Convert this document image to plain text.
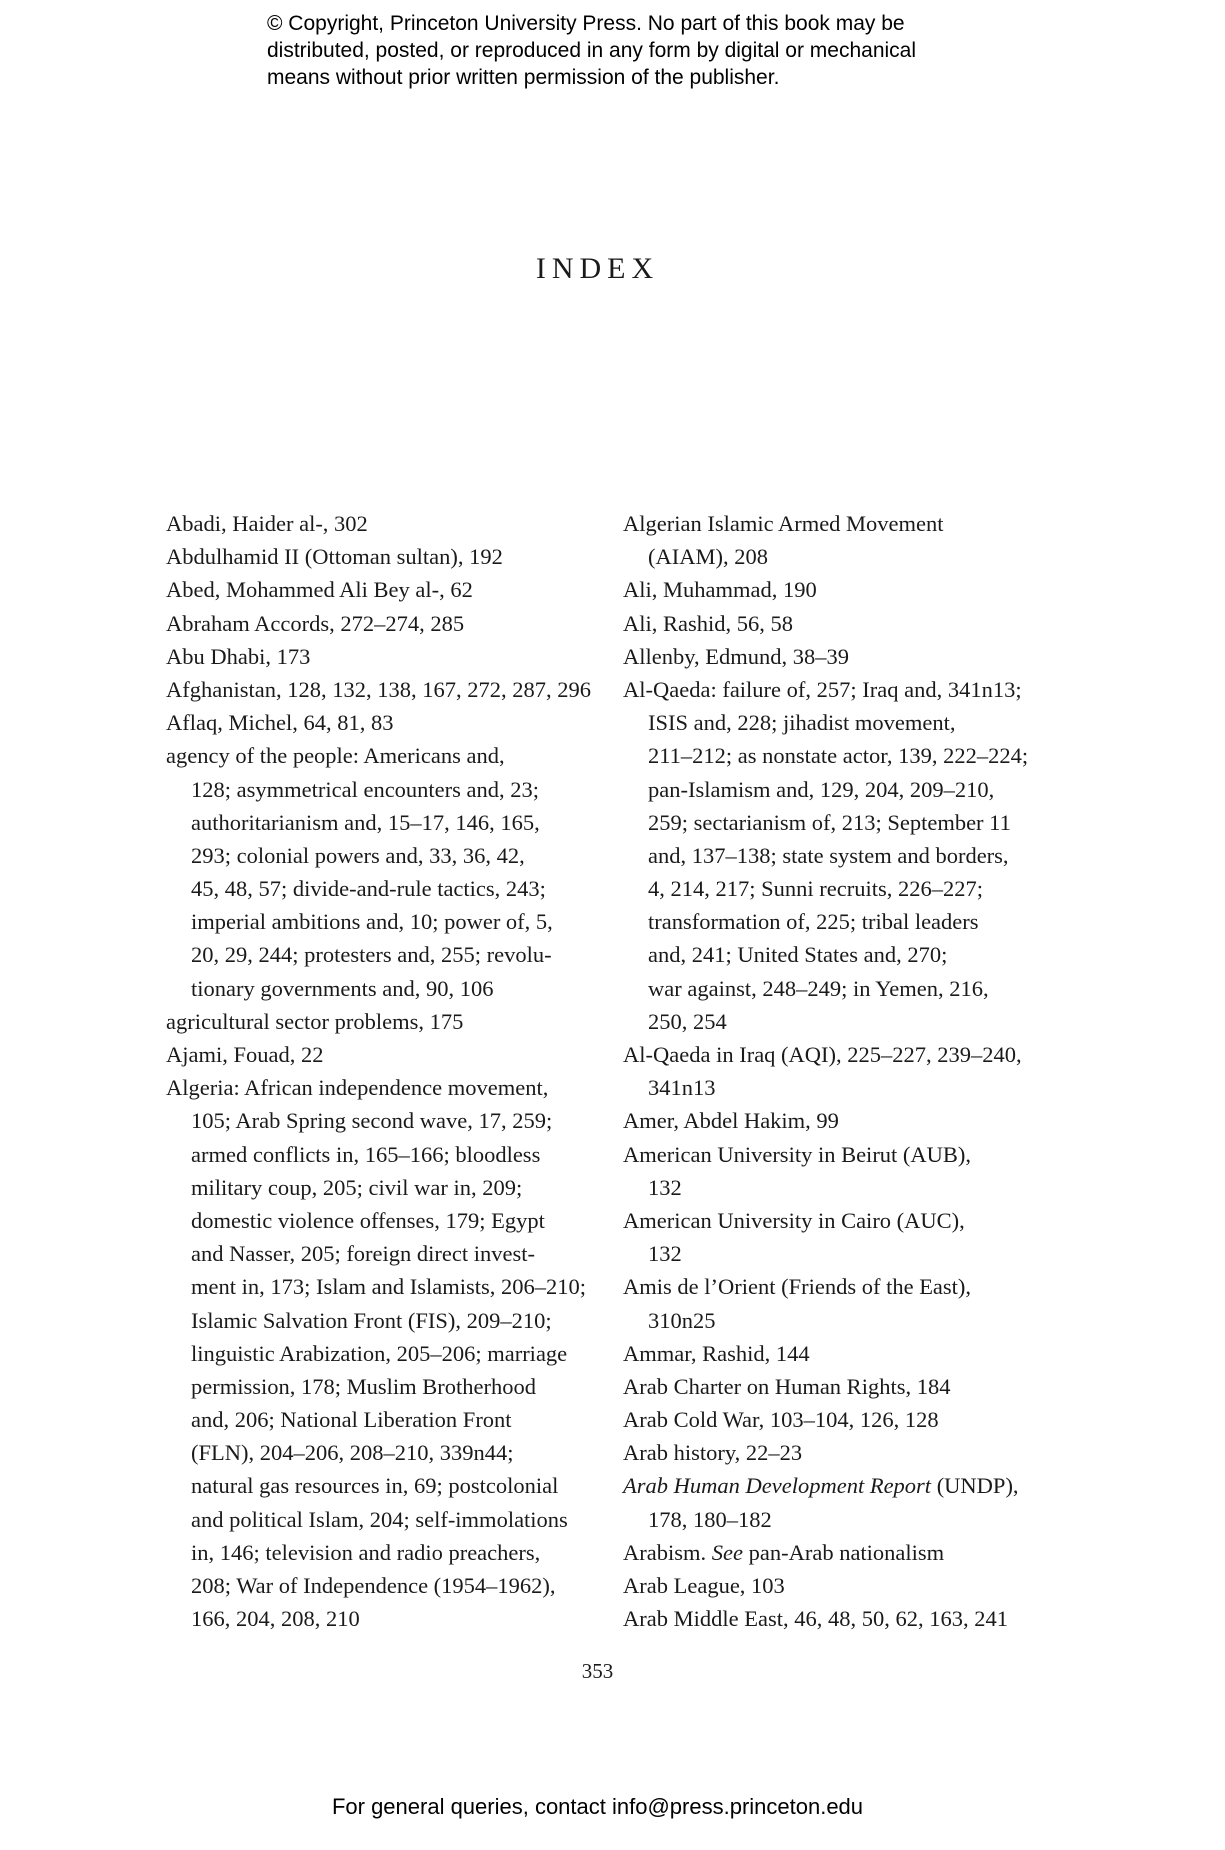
© Copyright, Princeton University Press. No part of this book may be
distributed, posted, or reproduced in any form by digital or mechanical
means without prior written permission of the publisher.
INDEX
Abadi, Haider al-, 302
Abdulhamid II (Ottoman sultan), 192
Abed, Mohammed Ali Bey al-, 62
Abraham Accords, 272–274, 285
Abu Dhabi, 173
Afghanistan, 128, 132, 138, 167, 272, 287, 296
Aflaq, Michel, 64, 81, 83
agency of the people: Americans and,
128; asymmetrical encounters and, 23;
authoritarianism and, 15–17, 146, 165,
293; colonial powers and, 33, 36, 42,
45, 48, 57; divide-and-rule tactics, 243;
imperial ambitions and, 10; power of, 5,
20, 29, 244; protesters and, 255; revolu-
tionary governments and, 90, 106
agricultural sector problems, 175
Ajami, Fouad, 22
Algeria: African independence movement,
105; Arab Spring second wave, 17, 259;
armed conflicts in, 165–166; bloodless
military coup, 205; civil war in, 209;
domestic violence offenses, 179; Egypt
and Nasser, 205; foreign direct invest-
ment in, 173; Islam and Islamists, 206–210;
Islamic Salvation Front (FIS), 209–210;
linguistic Arabization, 205–206; marriage
permission, 178; Muslim Brotherhood
and, 206; National Liberation Front
(FLN), 204–206, 208–210, 339n44;
natural gas resources in, 69; postcolonial
and political Islam, 204; self-immolations
in, 146; television and radio preachers,
208; War of Independence (1954–1962),
166, 204, 208, 210
Algerian Islamic Armed Movement
(AIAM), 208
Ali, Muhammad, 190
Ali, Rashid, 56, 58
Allenby, Edmund, 38–39
Al-Qaeda: failure of, 257; Iraq and, 341n13;
ISIS and, 228; jihadist movement,
211–212; as nonstate actor, 139, 222–224;
pan-Islamism and, 129, 204, 209–210,
259; sectarianism of, 213; September 11
and, 137–138; state system and borders,
4, 214, 217; Sunni recruits, 226–227;
transformation of, 225; tribal leaders
and, 241; United States and, 270;
war against, 248–249; in Yemen, 216,
250, 254
Al-Qaeda in Iraq (AQI), 225–227, 239–240,
341n13
Amer, Abdel Hakim, 99
American University in Beirut (AUB),
132
American University in Cairo (AUC),
132
Amis de l’Orient (Friends of the East),
310n25
Ammar, Rashid, 144
Arab Charter on Human Rights, 184
Arab Cold War, 103–104, 126, 128
Arab history, 22–23
Arab Human Development Report (UNDP),
178, 180–182
Arabism. See pan-Arab nationalism
Arab League, 103
Arab Middle East, 46, 48, 50, 62, 163, 241
353
For general queries, contact info@press.princeton.edu
